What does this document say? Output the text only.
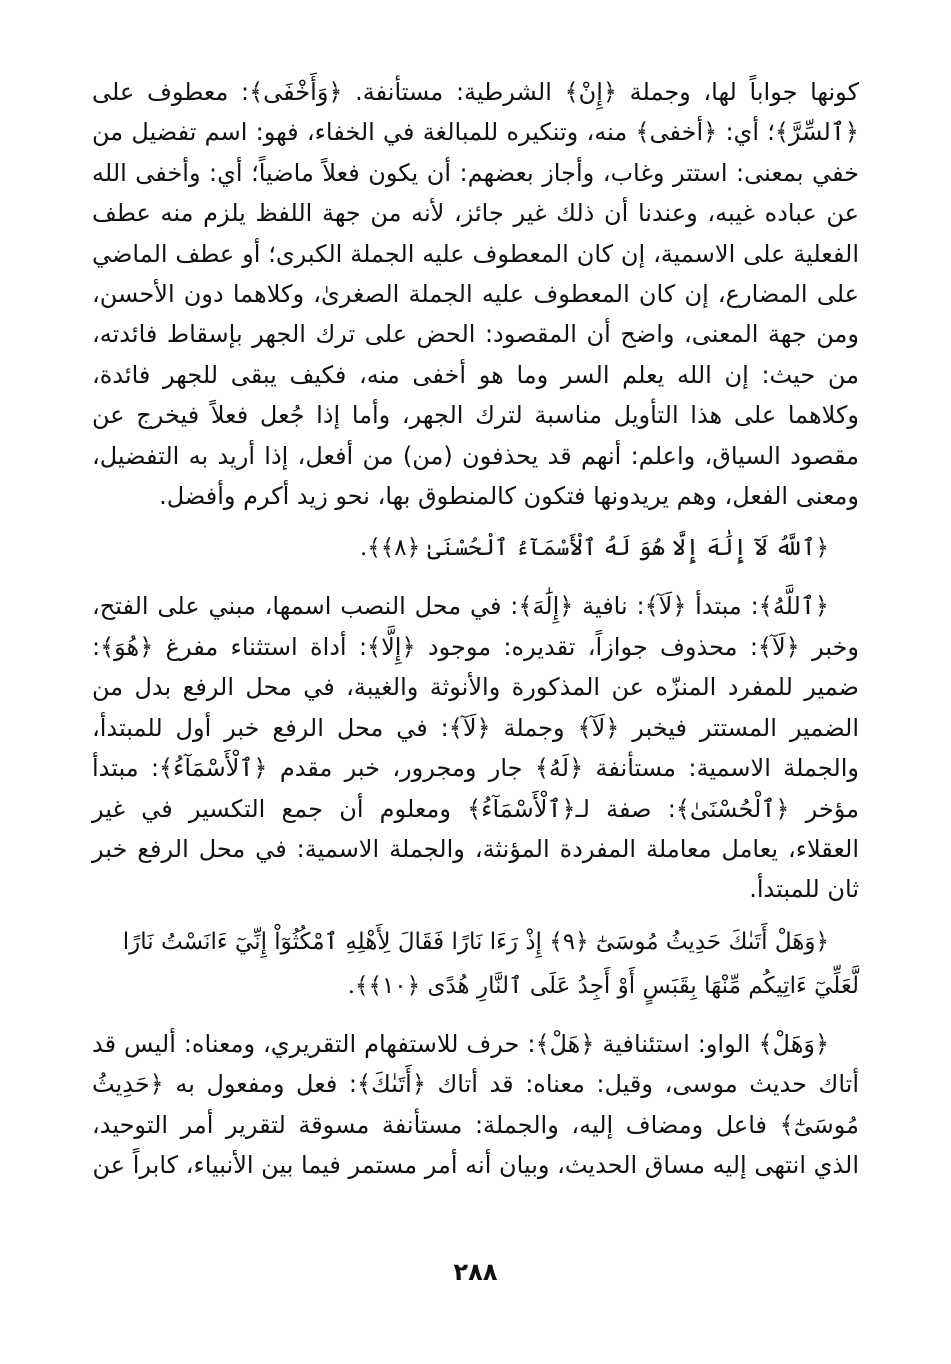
كونها جواباً لها، وجملة ﴿إِنْ﴾ الشرطية: مستأنفة. ﴿وَأَخْفَى﴾: معطوف على ﴿ٱلسِّرَّ﴾؛ أي: ﴿أخفى﴾ منه، وتنكيره للمبالغة في الخفاء، فهو: اسم تفضيل من خفي بمعنى: استتر وغاب، وأجاز بعضهم: أن يكون فعلاً ماضياً؛ أي: وأخفى الله عن عباده غيبه، وعندنا أن ذلك غير جائز، لأنه من جهة اللفظ يلزم منه عطف الفعلية على الاسمية، إن كان المعطوف عليه الجملة الكبرى؛ أو عطف الماضي على المضارع، إن كان المعطوف عليه الجملة الصغرىٰ، وكلاهما دون الأحسن، ومن جهة المعنى، واضح أن المقصود: الحض على ترك الجهر بإسقاط فائدته، من حيث: إن الله يعلم السر وما هو أخفى منه، فكيف يبقى للجهر فائدة، وكلاهما على هذا التأويل مناسبة لترك الجهر، وأما إذا جُعل فعلاً فيخرج عن مقصود السياق، واعلم: أنهم قد يحذفون (من) من أفعل، إذا أريد به التفضيل، ومعنى الفعل، وهم يريدونها فتكون كالمنطوق بها، نحو زيد أكرم وأفضل.

﴿ٱللَّهُ لَآ إِلَٰهَ إِلَّا هُوَ لَهُ ٱلْأَسْمَآءُ ٱلْحُسْنَىٰ ﴿٨﴾﴾.

﴿ٱللَّهُ﴾: مبتدأ ﴿لَآ﴾: نافية ﴿إِلَٰهَ﴾: في محل النصب اسمها، مبني على الفتح، وخبر ﴿لَآ﴾: محذوف جوازاً، تقديره: موجود ﴿إِلَّا﴾: أداة استثناء مفرغ ﴿هُوَ﴾: ضمير للمفرد المنزّه عن المذكورة والأنوثة والغيبة، في محل الرفع بدل من الضمير المستتر فيخبر ﴿لَآ﴾ وجملة ﴿لَآ﴾: في محل الرفع خبر أول للمبتدأ، والجملة الاسمية: مستأنفة ﴿لَهُ﴾ جار ومجرور، خبر مقدم ﴿ٱلْأَسْمَآءُ﴾: مبتدأ مؤخر ﴿ٱلْحُسْنَىٰ﴾: صفة لـ﴿ٱلْأَسْمَآءُ﴾ ومعلوم أن جمع التكسير في غير العقلاء، يعامل معاملة المفردة المؤنثة، والجملة الاسمية: في محل الرفع خبر ثان للمبتدأ.

﴿وَهَلْ أَتَىٰكَ حَدِيثُ مُوسَىٰٓ ﴿٩﴾ إِذْ رَءَا نَارًا فَقَالَ لِأَهْلِهِ ٱمْكُثُوٓاْ إِنِّيٓ ءَانَسْتُ نَارًا لَّعَلِّيٓ ءَاتِيكُم مِّنْهَا بِقَبَسٍ أَوْ أَجِدُ عَلَى ٱلنَّارِ هُدًى ﴿١٠﴾﴾.

﴿وَهَلْ﴾ الواو: استئنافية ﴿هَلْ﴾: حرف للاستفهام التقريري، ومعناه: أليس قد أتاك حديث موسى، وقيل: معناه: قد أتاك ﴿أَتَىٰكَ﴾: فعل ومفعول به ﴿حَدِيثُ مُوسَىٰٓ﴾ فاعل ومضاف إليه، والجملة: مستأنفة مسوقة لتقرير أمر التوحيد، الذي انتهى إليه مساق الحديث، وبيان أنه أمر مستمر فيما بين الأنبياء، كابراً عن

٢٨٨
